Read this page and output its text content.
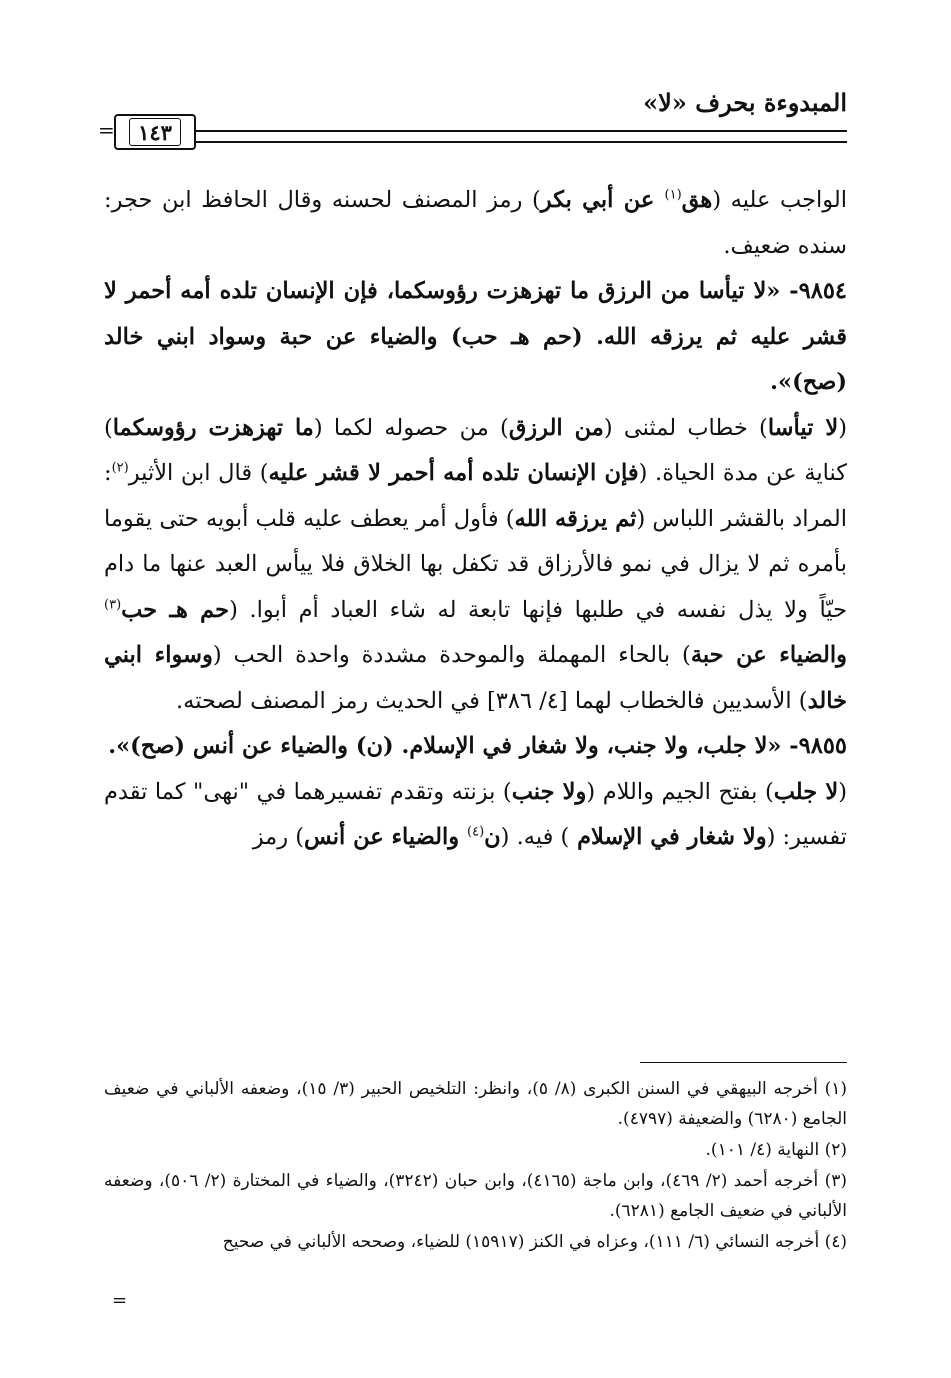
المبدوءة بحرف «لا»
١٤٣
=

الواجب عليه (هق$^{(١)}$ عن أبي بكر) رمز المصنف لحسنه وقال الحافظ ابن حجر: سنده ضعيف.

٩٨٥٤- «لا تيأسا من الرزق ما تهزهزت رؤوسكما، فإن الإنسان تلده أمه أحمر لا قشر عليه ثم يرزقه الله. (حم هـ حب) والضياء عن حبة وسواد ابني خالد (صح)».

(لا تيأسا) خطاب لمثنى (من الرزق) من حصوله لكما (ما تهزهزت رؤوسكما) كناية عن مدة الحياة. (فإن الإنسان تلده أمه أحمر لا قشر عليه) قال ابن الأثير$^{(٢)}$: المراد بالقشر اللباس (ثم يرزقه الله) فأول أمر يعطف عليه قلب أبويه حتى يقوما بأمره ثم لا يزال في نمو فالأرزاق قد تكفل بها الخلاق فلا ييأس العبد عنها ما دام حيّاً ولا يذل نفسه في طلبها فإنها تابعة له شاء العباد أم أبوا. (حم هـ حب$^{(٣)}$ والضياء عن حبة) بالحاء المهملة والموحدة مشددة واحدة الحب (وسواء ابني خالد) الأسديين فالخطاب لهما [٤/ ٣٨٦] في الحديث رمز المصنف لصحته.

٩٨٥٥- «لا جلب، ولا جنب، ولا شغار في الإسلام. (ن) والضياء عن أنس (صح)».

(لا جلب) بفتح الجيم واللام (ولا جنب) بزنته وتقدم تفسيرهما في "نهى" كما تقدم تفسير: (ولا شغار في الإسلام ) فيه. (ن$^{(٤)}$ والضياء عن أنس) رمز

(١) أخرجه البيهقي في السنن الكبرى (٨/ ٥)، وانظر: التلخيص الحبير (٣/ ١٥)، وضعفه الألباني في ضعيف الجامع (٦٢٨٠) والضعيفة (٤٧٩٧).

(٢) النهاية (٤/ ١٠١).

(٣) أخرجه أحمد (٢/ ٤٦٩)، وابن ماجة (٤١٦٥)، وابن حبان (٣٢٤٢)، والضياء في المختارة (٢/ ٥٠٦)، وضعفه الألباني في ضعيف الجامع (٦٢٨١).

(٤) أخرجه النسائي (٦/ ١١١)، وعزاه في الكنز (١٥٩١٧) للضياء، وصححه الألباني في صحيح

=
